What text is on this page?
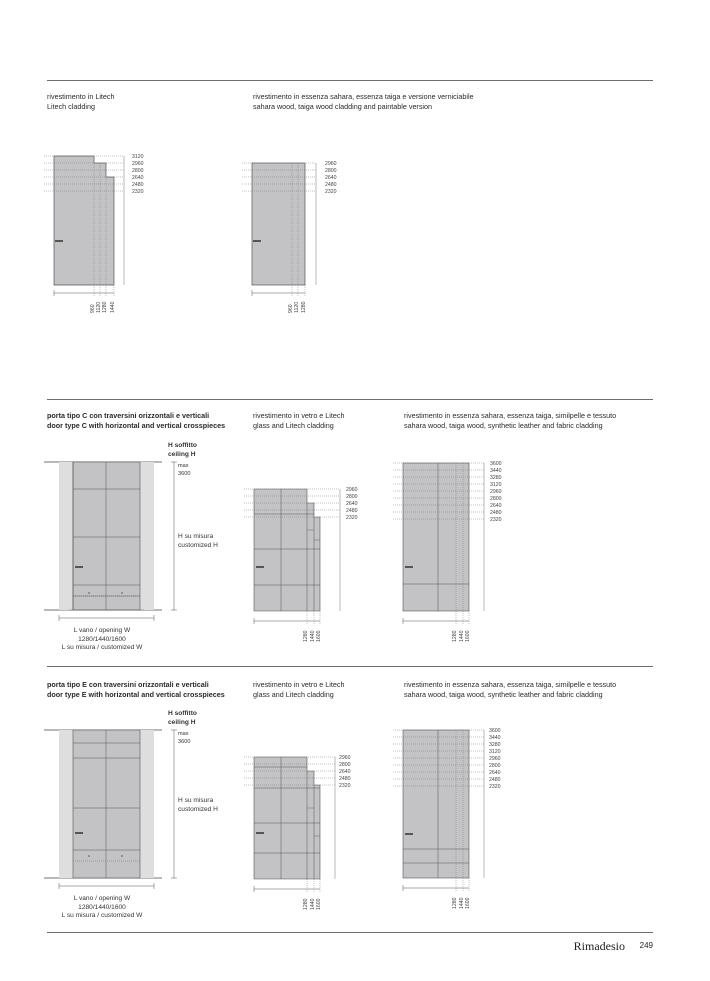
rivestimento in Litech
Litech cladding
rivestimento in essenza sahara, essenza taiga e versione verniciabile
sahara wood, taiga wood cladding and paintable version
3120
2960
2800
2640
2480
2320
960 1120 1280 1440
2960
2800
2640
2480
2320
960 1120 1280
porta tipo C con traversini orizzontali e verticali
door type C with horizontal and vertical crosspieces
rivestimento in vetro e Litech
glass and Litech cladding
rivestimento in essenza sahara, essenza taiga, similpelle e tessuto
sahara wood, taiga wood, synthetic leather and fabric cladding
H soffitto
ceiling H
max
3600
H su misura
customized H
L vano / opening W
1280/1440/1600
L su misura / customized W
2960
2800
2640
2480
2320
1280 1440 1600
3600
3440
3280
3120
2960
2800
2640
2480
2320
1280 1440 1600
porta tipo E con traversini orizzontali e verticali
door type E with horizontal and vertical crosspieces
rivestimento in vetro e Litech
glass and Litech cladding
rivestimento in essenza sahara, essenza taiga, similpelle e tessuto
sahara wood, taiga wood, synthetic leather and fabric cladding
H soffitto
ceiling H
max
3600
H su misura
customized H
L vano / opening W
1280/1440/1600
L su misura / customized W
2960
2800
2640
2480
2320
1280 1440 1600
3600
3440
3280
3120
2960
2800
2640
2480
2320
1280 1440 1600
Rimadesio 249
